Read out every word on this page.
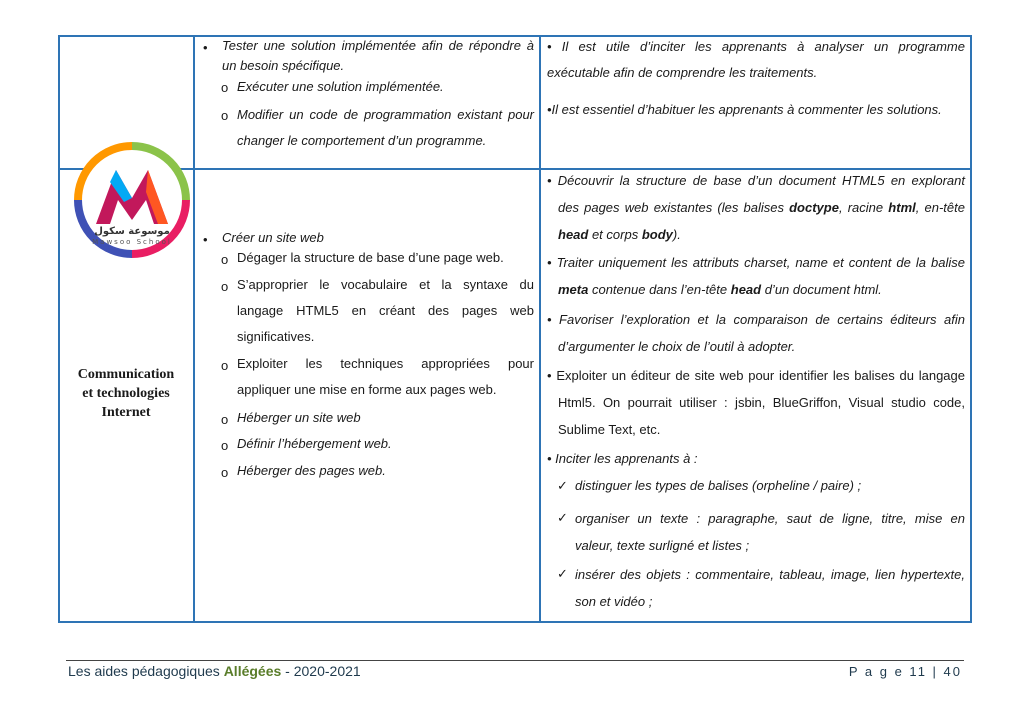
• Tester une solution implémentée afin de répondre à
un besoin spécifique.
o Exécuter une solution implémentée.
o Modifier un code de programmation existant pour
changer le comportement d’un programme.
• Il est utile d’inciter les apprenants à analyser un programme
exécutable afin de comprendre les traitements.
•Il est essentiel d’habituer les apprenants à commenter les solutions.
موسوعة سكول
Mawsoo School
Communication
et technologies
Internet
• Créer un site web
o Dégager la structure de base d’une page web.
o S’approprier le vocabulaire et la syntaxe du
langage HTML5 en créant des pages web
significatives.
o Exploiter les techniques appropriées pour
appliquer une mise en forme aux pages web.
o Héberger un site web
o Définir l’hébergement web.
o Héberger des pages web.
• Découvrir la structure de base d’un document HTML5 en explorant
des pages web existantes (les balises doctype, racine html, en-tête
head et corps body).
• Traiter uniquement les attributs charset, name et content de la balise
meta contenue dans l’en-tête head d’un document html.
• Favoriser l’exploration et la comparaison de certains éditeurs afin
d’argumenter le choix de l’outil à adopter.
• Exploiter un éditeur de site web pour identifier les balises du langage
Html5. On pourrait utiliser : jsbin, BlueGriffon, Visual studio code,
Sublime Text, etc.
• Inciter les apprenants à :
✓ distinguer les types de balises (orpheline / paire) ;
✓ organiser un texte : paragraphe, saut de ligne, titre, mise en
valeur, texte surligné et listes ;
✓ insérer des objets : commentaire, tableau, image, lien hypertexte,
son et vidéo ;
Les aides pédagogiques Allégées - 2020-2021	P a g e 11 | 40
